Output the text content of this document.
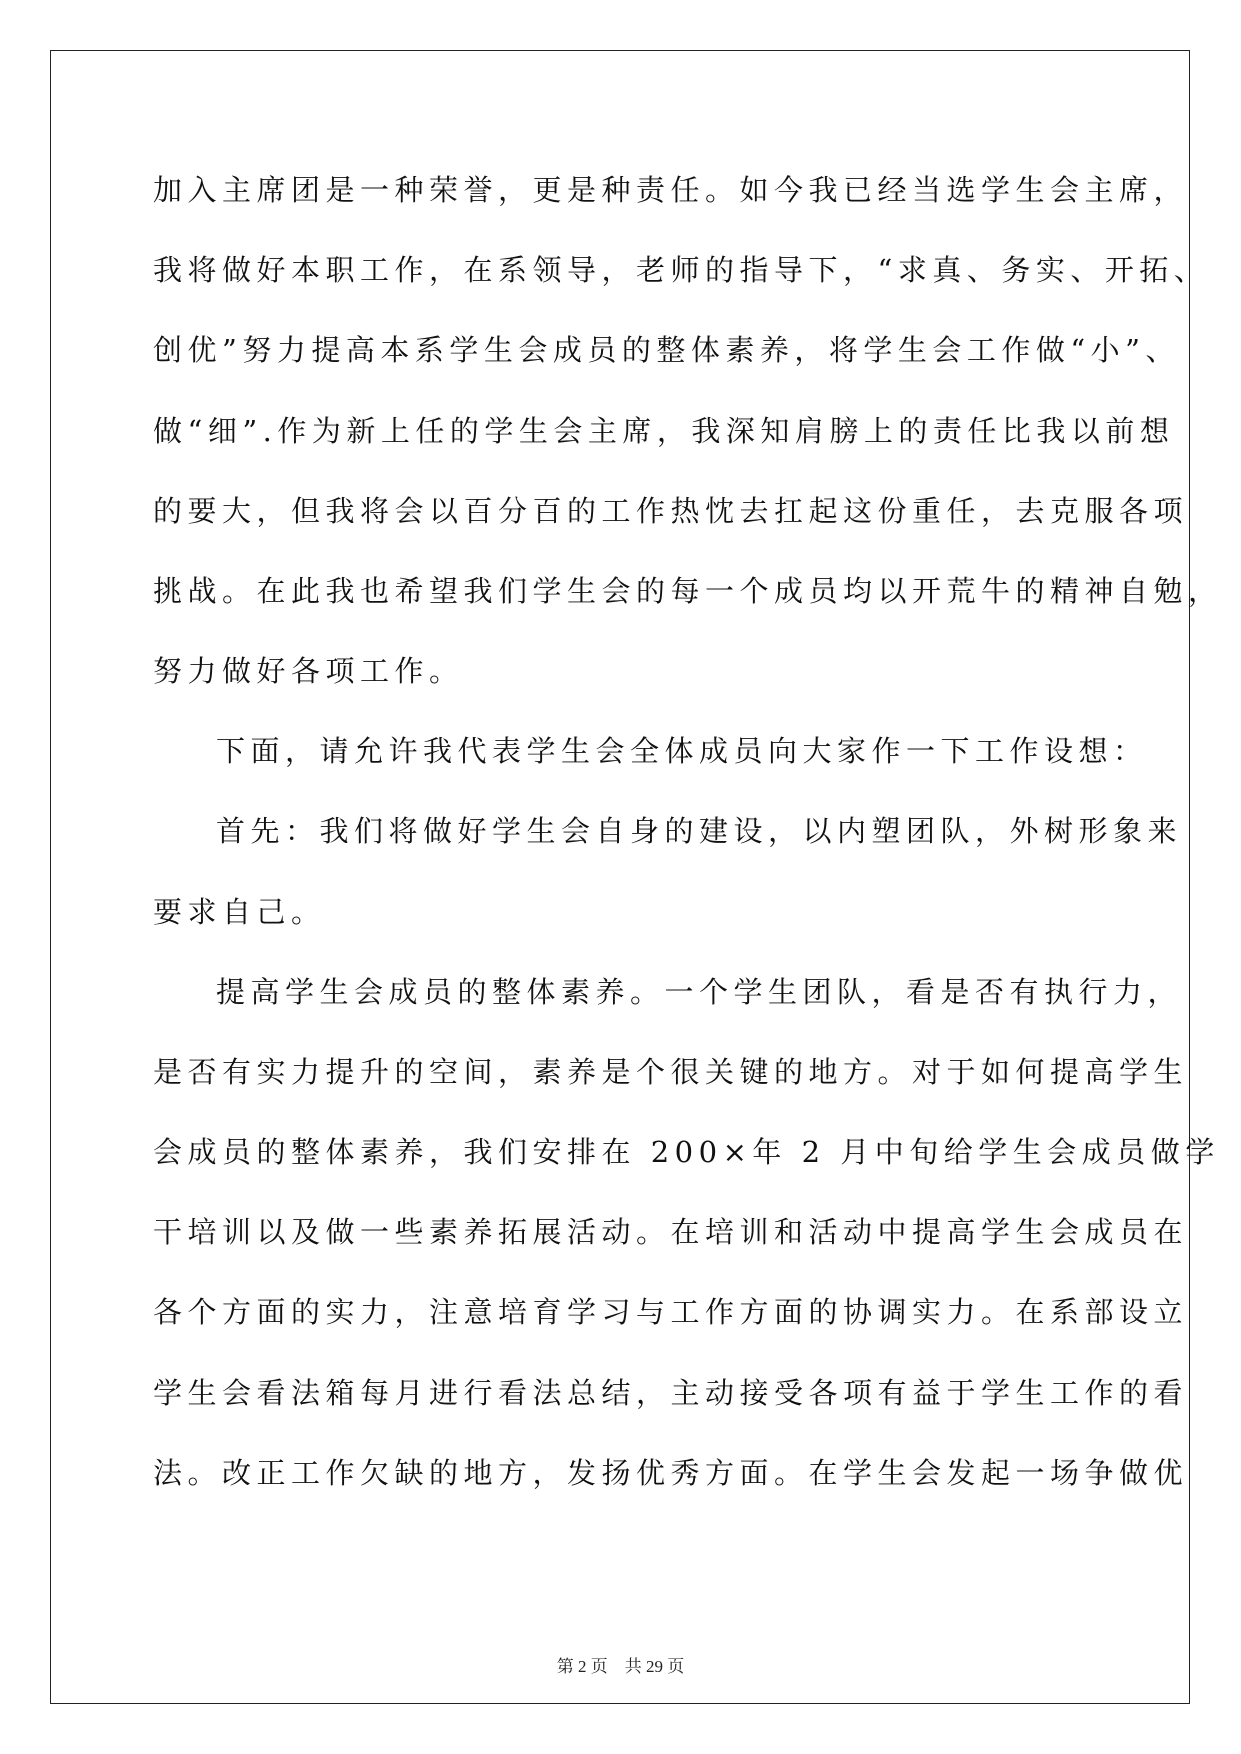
加入主席团是一种荣誉，更是种责任。如今我已经当选学生会主席，
我将做好本职工作，在系领导，老师的指导下，“求真、务实、开拓、
创优”努力提高本系学生会成员的整体素养，将学生会工作做“小”、
做“细”.作为新上任的学生会主席，我深知肩膀上的责任比我以前想
的要大，但我将会以百分百的工作热忱去扛起这份重任，去克服各项
挑战。在此我也希望我们学生会的每一个成员均以开荒牛的精神自勉，
努力做好各项工作。
下面，请允许我代表学生会全体成员向大家作一下工作设想：
首先：我们将做好学生会自身的建设，以内塑团队，外树形象来
要求自己。
提高学生会成员的整体素养。一个学生团队，看是否有执行力，
是否有实力提升的空间，素养是个很关键的地方。对于如何提高学生
会成员的整体素养，我们安排在 200×年 2 月中旬给学生会成员做学
干培训以及做一些素养拓展活动。在培训和活动中提高学生会成员在
各个方面的实力，注意培育学习与工作方面的协调实力。在系部设立
学生会看法箱每月进行看法总结，主动接受各项有益于学生工作的看
法。改正工作欠缺的地方，发扬优秀方面。在学生会发起一场争做优
第 2 页    共 29 页
